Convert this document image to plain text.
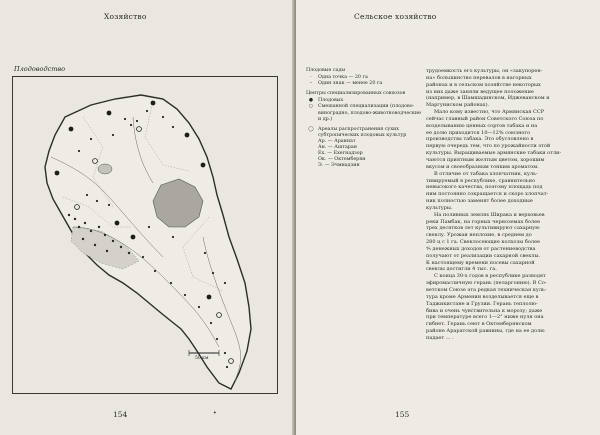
Хозяйство
Плодоводство
50 км
154	•
Сельское хозяйство
Плодовые сады
·	Одна точка — 20 га
–	Один знак — менее 20 га
Центры специализированных совхозов
●	Плодовых
○	Смешанной специализации (плодово-виноградно, плодово-животноводческие и др.)
◯ Ареалы распространения сухих субтропических плодовых культур
Ар. — Араинат
Ан. — Аштаран
Ех. — Ехегнадзор
Ок. — Октемберян
Э. — Эчмиадзин

трудоемкость его культуры, он «закупорен-

на» большинство перевалов в нагорных

районах и в сельском хозяйстве некоторых

из них даже заняли ведущее положение

(например, в Шамшадинском, Иджеванском и

Маргуниском районах).

Мало кому известно, что Армянская ССР

сейчас главный район Советского Союза по

возделыванию ценных сортов табака и на

ее долю приходится 10—12% союзного

производства табака. Это обусловлено в

первую очередь тем, что по урожайности этой

культуры. Выращиваемые армянские табаки отли-

чаются приятным желтым цветом, хорошим

вкусом и своеобразным тонким ароматом.

В отличие от табака хлопчатник, куль-

тивируемый в республике, сравнительно

невысокого качества, поэтому площадь под

ним постоянно сокращается и скоро хлопчат-

ник полностью заменят более доходные

культуры.

На поливных землях Ширака и верховьев

реки Памбак, на горных черноземах более

трех десятков лет культивируют сахарную

свеклу. Урожаи неплохие, в среднем до

280 ц с 1 га. Свеклосеющие колхозы более

⁴⁄₅ денежных доходов от растениеводства

получают от реализации сахарной свеклы.

К настоящему времени посевы сахарной

свеклы достигли 4 тыс. га.

С конца 30-х годов в республике разводят

эфиромасличную герань (пеларгонию). В Со-

ветском Союзе эта редкая техническая куль-

тура кроме Армении возделывается еще в

Таджикистане и Грузии. Герань теплолю-

бива и очень чувствительна к морозу; даже

при температуре всего 1—2° ниже нуля она

гибнет. Герань сеют в Октемберянском

районе Араратской равнины, где на ее долю

падает ... .

155
